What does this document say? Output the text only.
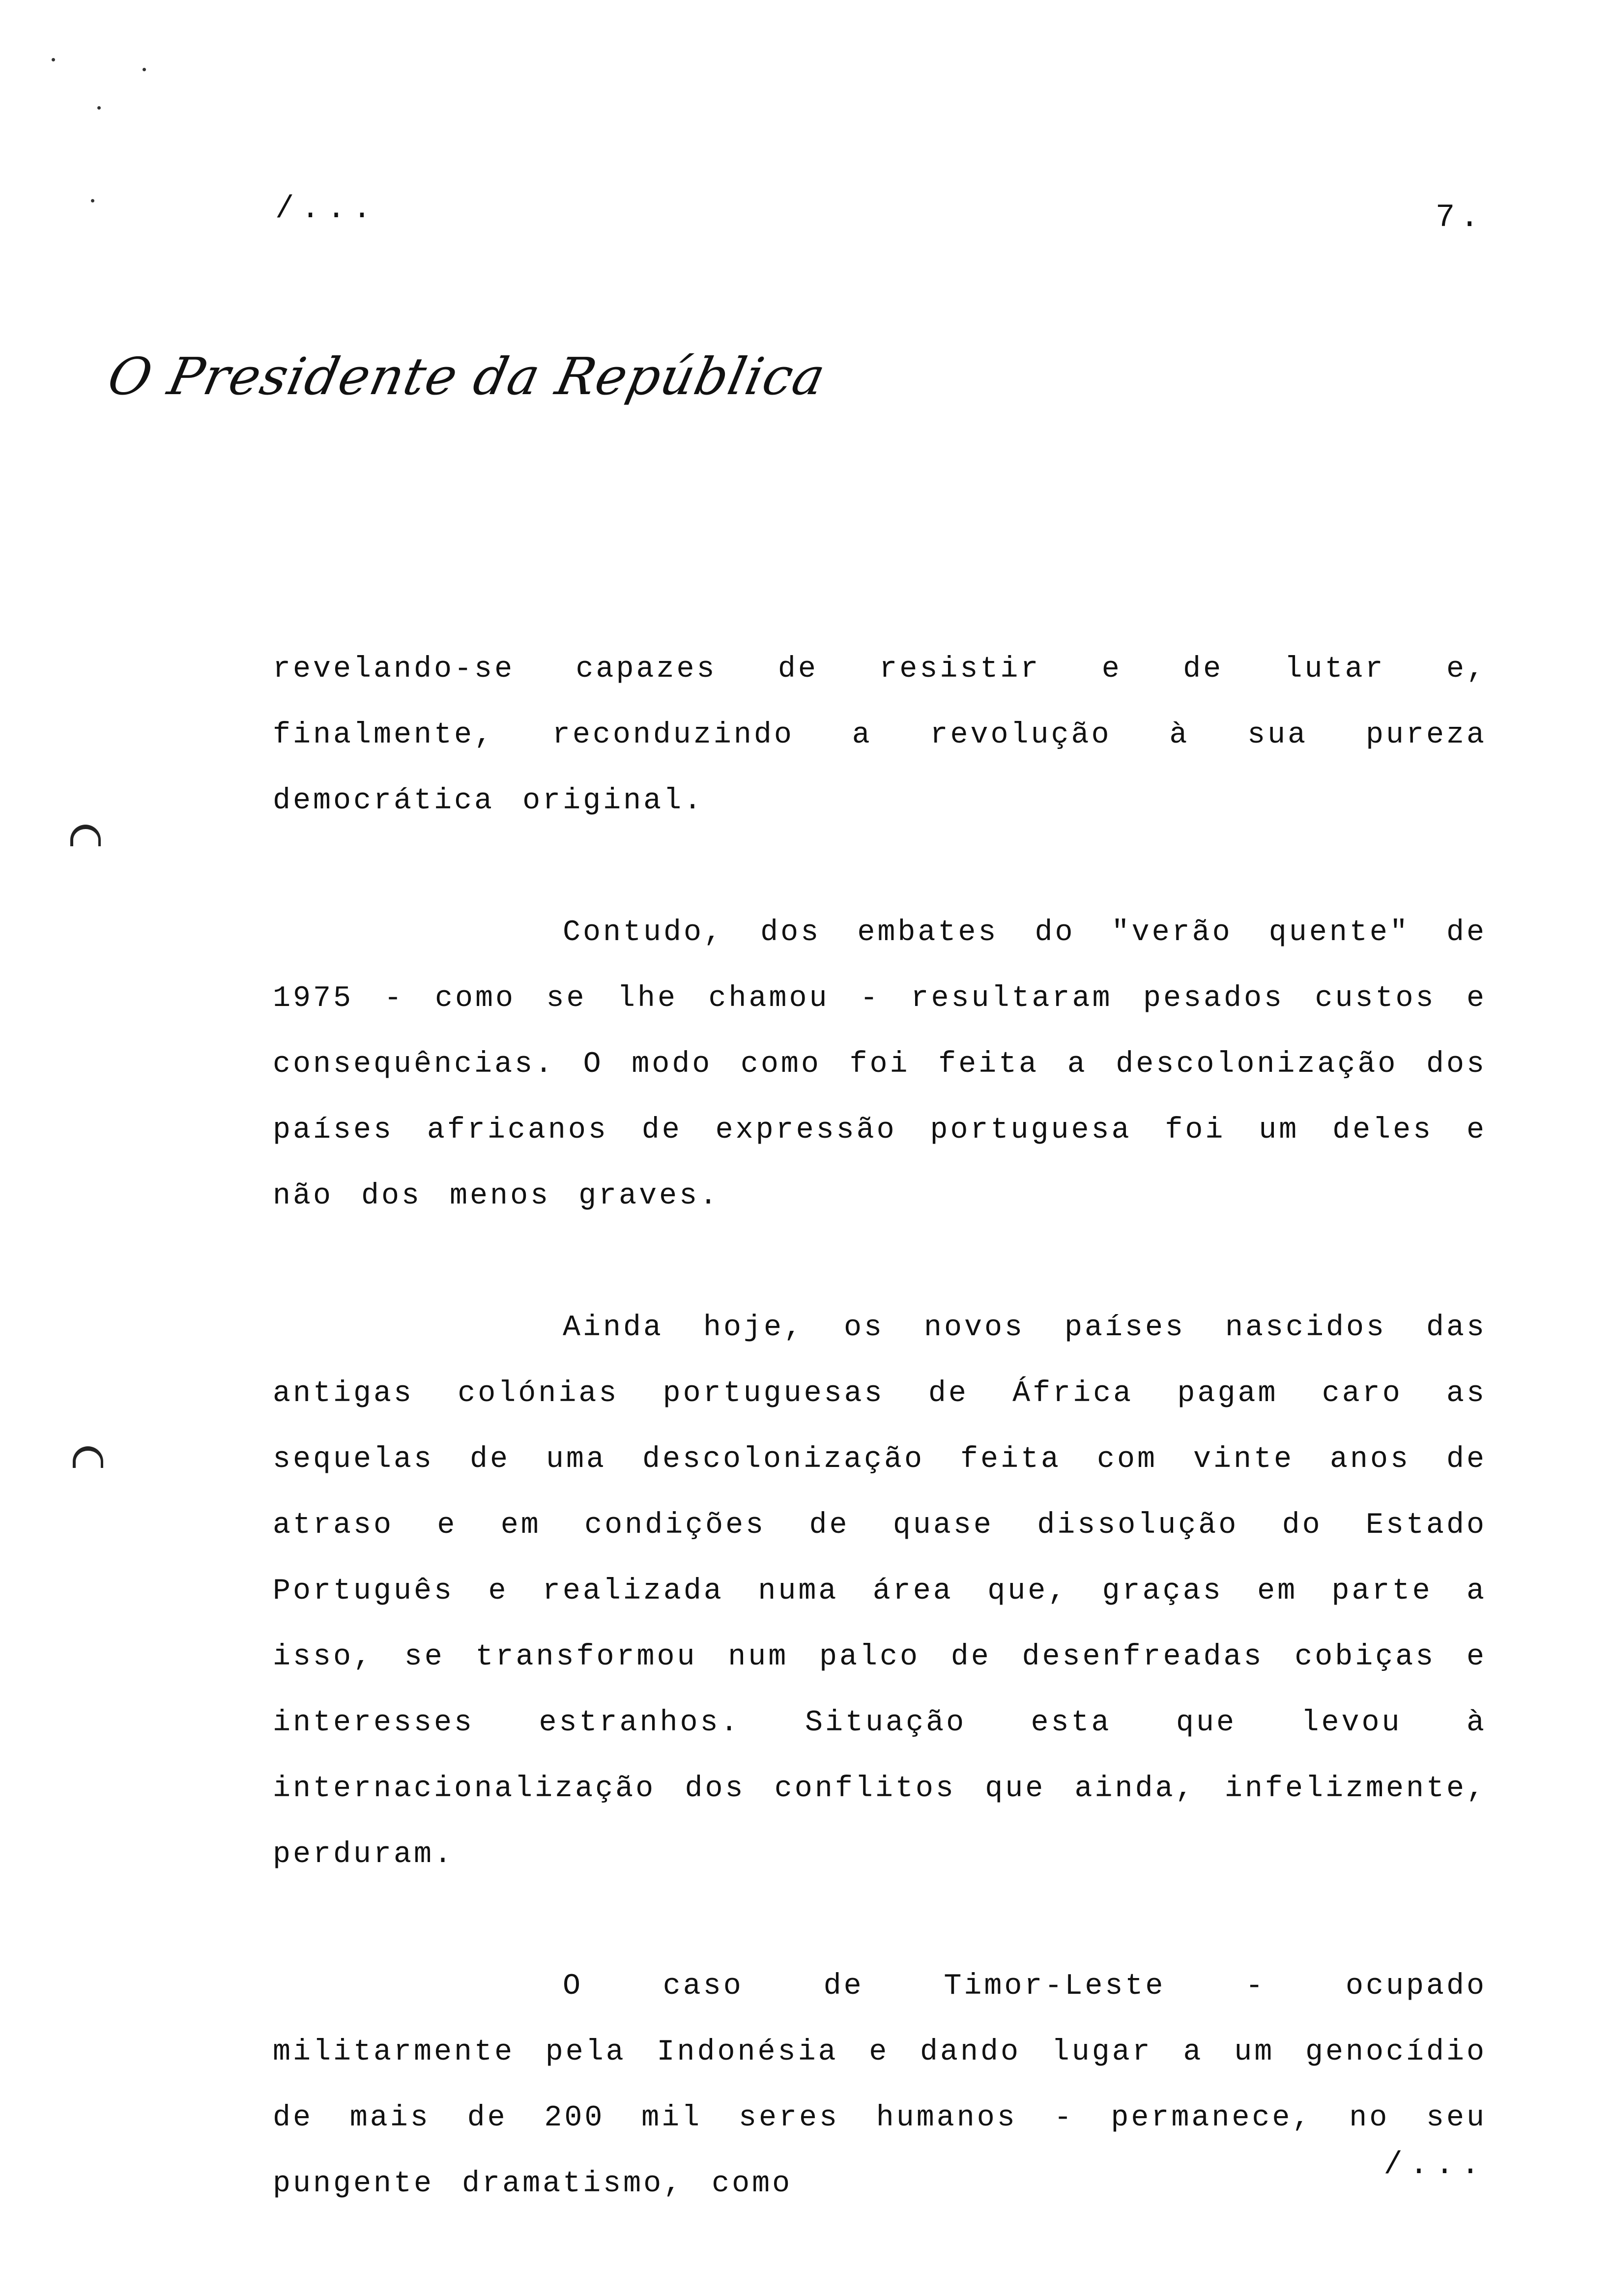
/...	7.
O Presidente da República

revelando-se capazes de resistir e de lutar e, finalmente, reconduzindo a revolução à sua pureza democrática original.

Contudo, dos embates do "verão quente" de 1975 - como se lhe chamou - resultaram pesados custos e consequências. O modo como foi feita a descolonização dos países africanos de expressão portuguesa foi um deles e não dos menos graves.

Ainda hoje, os novos países nascidos das antigas colónias portuguesas de África pagam caro as sequelas de uma descolonização feita com vinte anos de atraso e em condições de quase dissolução do Estado Português e realizada numa área que, graças em parte a isso, se transformou num palco de desenfreadas cobiças e interesses estranhos. Situação esta que levou à internacionalização dos conflitos que ainda, infelizmente, perduram.

O caso de Timor-Leste - ocupado militarmente pela Indonésia e dando lugar a um genocídio de mais de 200 mil seres humanos - permanece, no seu pungente dramatismo, como

/...
